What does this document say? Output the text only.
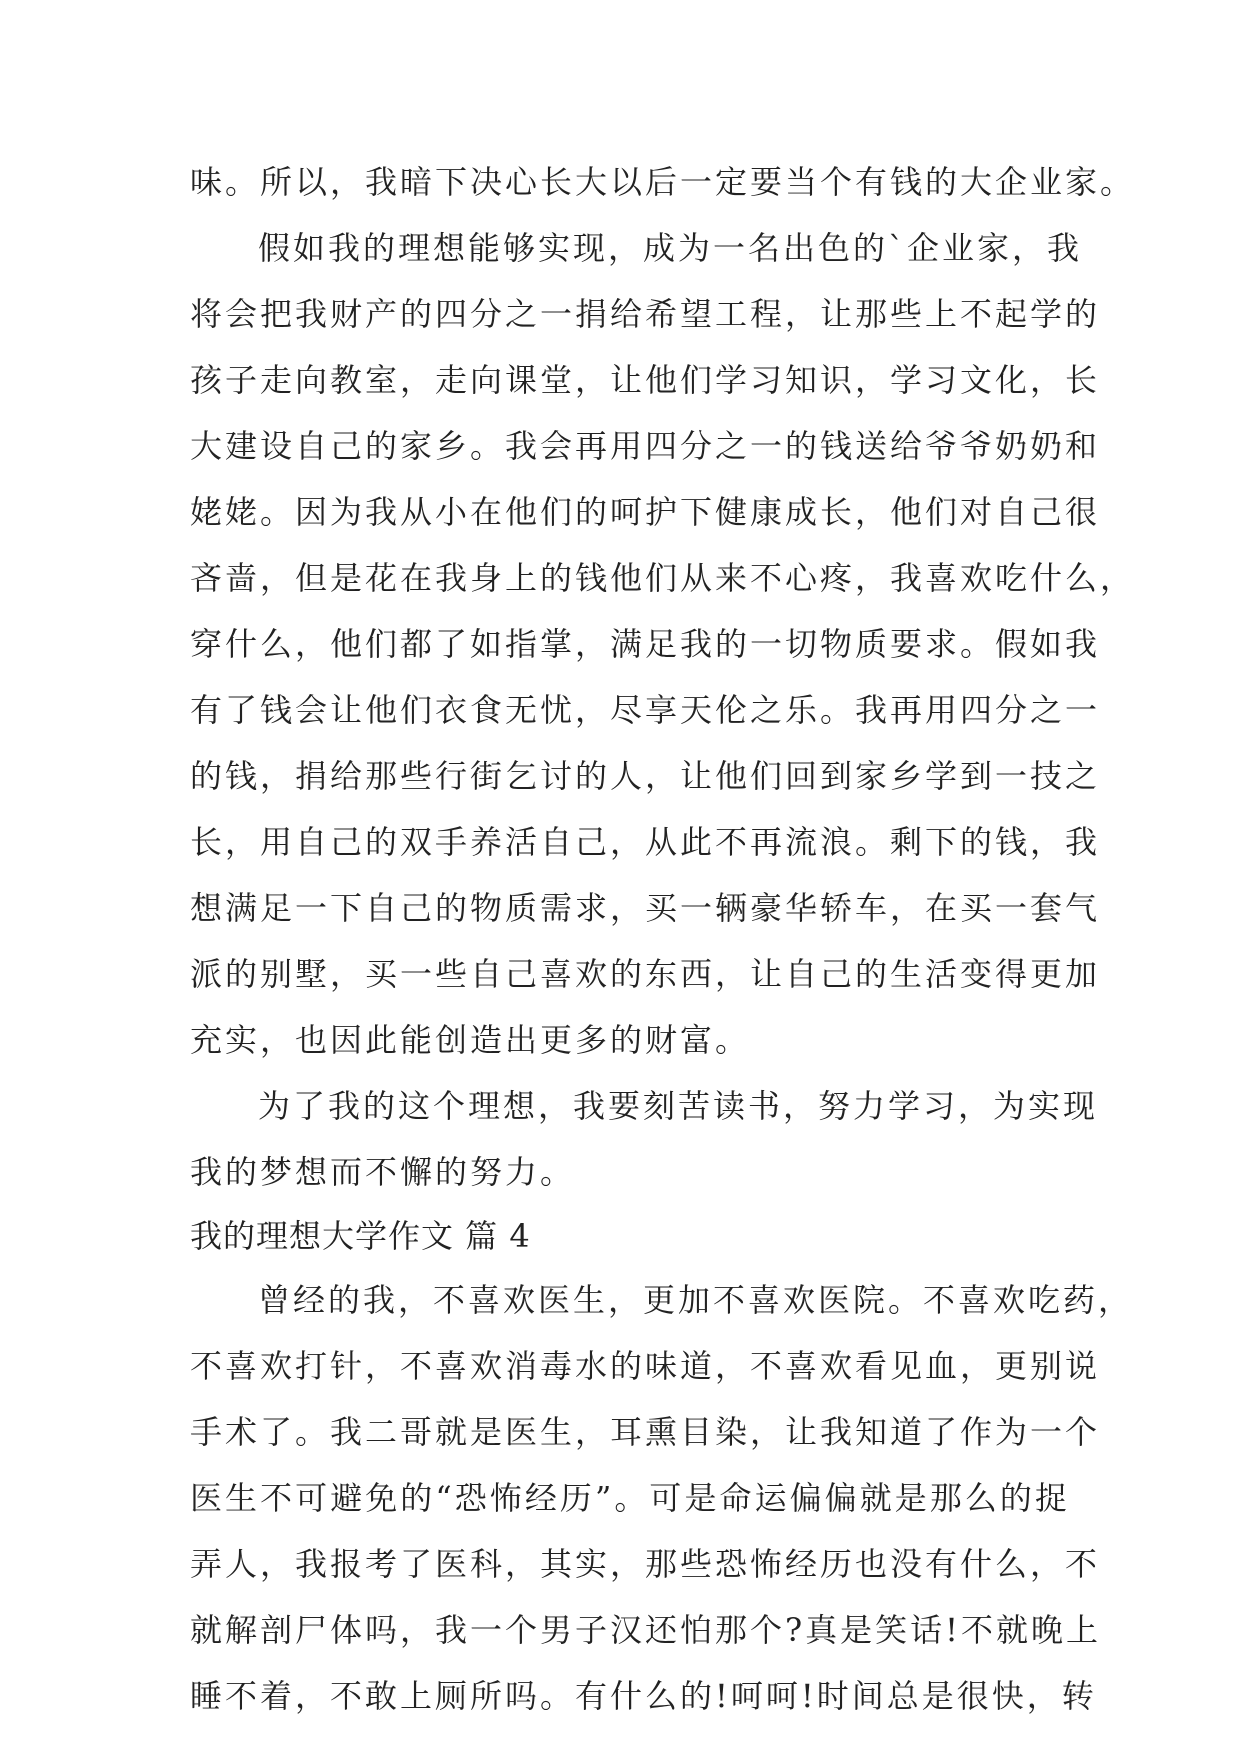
味。所以，我暗下决心长大以后一定要当个有钱的大企业家。
假如我的理想能够实现，成为一名出色的`企业家，我
将会把我财产的四分之一捐给希望工程，让那些上不起学的
孩子走向教室，走向课堂，让他们学习知识，学习文化，长
大建设自己的家乡。我会再用四分之一的钱送给爷爷奶奶和
姥姥。因为我从小在他们的呵护下健康成长，他们对自己很
吝啬，但是花在我身上的钱他们从来不心疼，我喜欢吃什么，
穿什么，他们都了如指掌，满足我的一切物质要求。假如我
有了钱会让他们衣食无忧，尽享天伦之乐。我再用四分之一
的钱，捐给那些行街乞讨的人，让他们回到家乡学到一技之
长，用自己的双手养活自己，从此不再流浪。剩下的钱，我
想满足一下自己的物质需求，买一辆豪华轿车，在买一套气
派的别墅，买一些自己喜欢的东西，让自己的生活变得更加
充实，也因此能创造出更多的财富。
为了我的这个理想，我要刻苦读书，努力学习，为实现
我的梦想而不懈的努力。
我的理想大学作文 篇 4
曾经的我，不喜欢医生，更加不喜欢医院。不喜欢吃药，
不喜欢打针，不喜欢消毒水的味道，不喜欢看见血，更别说
手术了。我二哥就是医生，耳熏目染，让我知道了作为一个
医生不可避免的“恐怖经历”。可是命运偏偏就是那么的捉
弄人，我报考了医科，其实，那些恐怖经历也没有什么，不
就解剖尸体吗，我一个男子汉还怕那个?真是笑话!不就晚上
睡不着，不敢上厕所吗。有什么的!呵呵!时间总是很快，转
